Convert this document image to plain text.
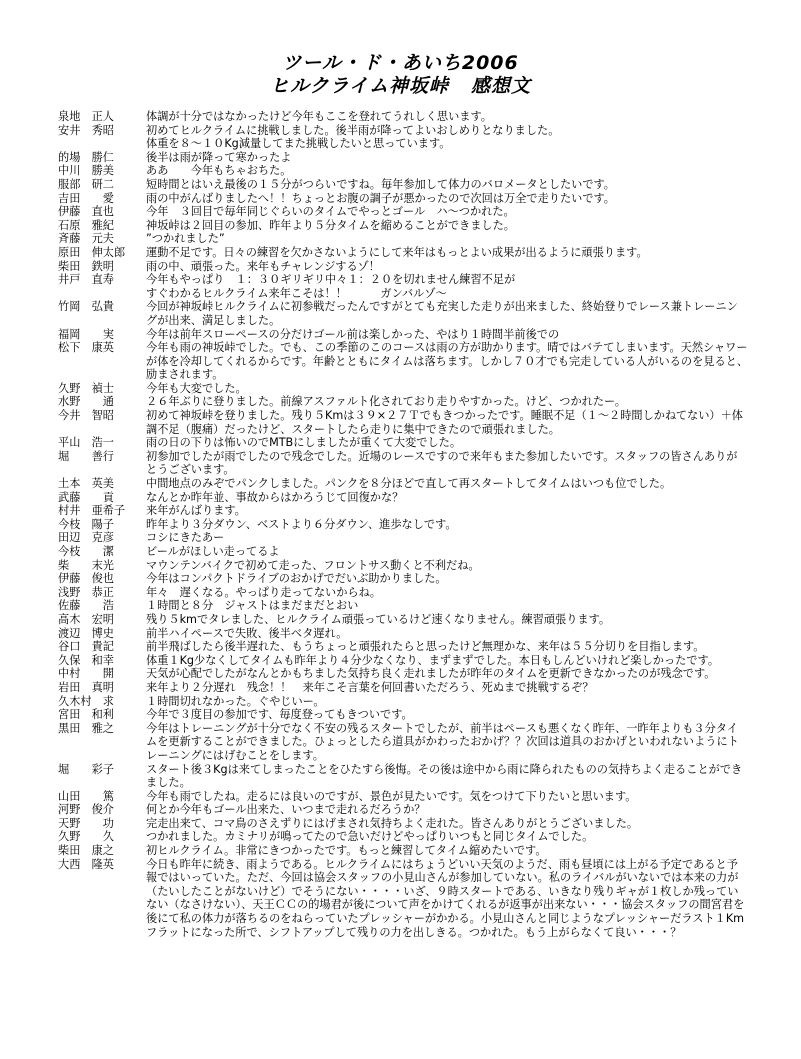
ツール・ド・あいち2006
ヒルクライム神坂峠 感想文
泉地　正人	体調が十分ではなかったけど今年もここを登れてうれしく思います。
安井　秀昭	初めてヒルクライムに挑戦しました。後半雨が降ってよいおしめりとなりました。
体重を８～１０Kg減量してまた挑戦したいと思っています。
的場　勝仁	後半は雨が降って寒かったよ
中川　勝美	ああ　　今年もちゃおちた。
服部　研二	短時間とはいえ最後の１５分がつらいですね。毎年参加して体力のバロメータとしたいです。
吉田　　愛	雨の中がんばりましたへ！！ちょっとお腹の調子が悪かったので次回は万全で走りたいです。
伊藤　直也	今年　３回目で毎年同じぐらいのタイムでやっとゴール　ハ～つかれた。
石原　雅紀	神坂峠は２回目の参加、昨年より５分タイムを縮めることができました。
斉藤　元夫	”つかれました”
原田　伸太郎	運動不足です。日々の練習を欠かさないようにして来年はもっとよい成果が出るように頑張ります。
柴田　鉄明	雨の中、頑張った。来年もチャレンジするゾ！
井戸　直寿	今年もやっぱり　１：３０ギリギリ中々１：２０を切れません練習不足が
すぐわかるヒルクライム来年こそは！！　　　ガンバルゾ～
竹岡　弘貴	今回が神坂峠ヒルクライムに初参戦だったんですがとても充実した走りが出来ました、終始登りでレース兼トレーニングが出来、満足しました。
福岡　　実	今年は前年スローペースの分だけゴール前は楽しかった、やはり１時間半前後での
松下　康英	今年も雨の神坂峠でした。でも、この季節のこのコースは雨の方が助かります。晴ではバテてしまいます。天然シャワーが体を冷却してくれるからです。年齢とともにタイムは落ちます。しかし７０才でも完走している人がいるのを見ると、励まされます。
久野　禎士	今年も大変でした。
水野　　通	２６年ぶりに登りました。前線アスファルト化されており走りやすかった。けど、つかれたー。
今井　智昭	初めて神坂峠を登りました。残り５Kmは３９×２７Ｔでもきつかったです。睡眠不足（１～２時間しかねてない）＋体調不足（腹痛）だったけど、スタートしたら走りに集中できたので頑張れました。
平山　浩一	雨の日の下りは怖いのでMTBにしましたが重くて大変でした。
堀　　善行	初参加でしたが雨でしたので残念でした。近場のレースですので来年もまた参加したいです。スタッフの皆さんありがとうございます。
土本　英美	中間地点のみぞでパンクしました。パンクを８分ほどで直して再スタートしてタイムはいつも位でした。
武藤　　貢	なんとか昨年並、事故からはかろうじて回復かな？
村井　亜希子	来年がんばります。
今枝　陽子	昨年より３分ダウン、ベストより６分ダウン、進歩なしです。
田辺　克彦	コシにきたあー
今枝　　潔	ビールがほしい走ってるよ
柴　　末光	マウンテンバイクで初めて走った、フロントサス動くと不利だね。
伊藤　俊也	今年はコンパクトドライブのおかげでだいぶ助かりました。
浅野　恭正	年々　遅くなる。やっぱり走ってないからね。
佐藤　　浩	１時間と８分　ジャストはまだまだとおい
高木　宏明	残り５kmでタレました、ヒルクライム頑張っているけど速くなりません。練習頑張ります。
渡辺　博史	前半ハイペースで失敗、後半ベタ遅れ。
谷口　貴記	前半飛ばしたら後半遅れた、もうちょっと頑張れたらと思ったけど無理かな、来年は５５分切りを目指します。
久保　和幸	体重１Kg少なくしてタイムも昨年より４分少なくなり、まずまずでした。本日もしんどいけれど楽しかったです。
中村　　開	天気が心配でしたがなんとかもちました気持ち良く走れましたが昨年のタイムを更新できなかったのが残念です。
岩田　真明	来年より２分遅れ　残念！！　来年こそ言葉を何回書いただろう、死ぬまで挑戦するぞ？
久木村　求	１時間切れなかった。ぐやじいー。
宮田　和利	今年で３度目の参加です、毎度登ってもきついです。
黒田　雅之	今年はトレーニングが十分でなく不安の残るスタートでしたが、前半はペースも悪くなく昨年、一昨年よりも３分タイムを更新することができました。ひょっとしたら道具がかわったおかげ？？次回は道具のおかげといわれないようにトレーニングにはげむことをします。
堀　　彩子	スタート後３Kgは来てしまったことをひたすら後悔。その後は途中から雨に降られたものの気持ちよく走ることができました。
山田　　篤	今年も雨でしたね。走るには良いのですが、景色が見たいです。気をつけて下りたいと思います。
河野　俊介	何とか今年もゴール出来た、いつまで走れるだろうか？
天野　　功	完走出来て、コマ鳥のさえずりにはげまされ気持ちよく走れた。皆さんありがとうございました。
久野　　久	つかれました。カミナリが鳴ってたので急いだけどやっぱりいつもと同じタイムでした。
柴田　康之	初ヒルクライム。非常にきつかったです。もっと練習してタイム縮めたいです。
大西　隆英	今日も昨年に続き、雨ようである。ヒルクライムにはちょうどいい天気のようだ、雨も昼頃には上がる予定であると予報ではいっていた。ただ、今回は協会スタッフの小見山さんが参加していない。私のライバルがいないでは本来の力が（たいしたことがないけど）でそうにない・・・・いざ、９時スタートである、いきなり残りギャが１枚しか残っていない（なさけない）、天王ＣＣの的場君が後について声をかけてくれるが返事が出来ない・・・協会スタッフの間宮君を後にて私の体力が落ちるのをねらっていたプレッシャーがかかる。小見山さんと同じようなプレッシャーだラスト１Kmフラットになった所で、シフトアップして残りの力を出しきる。つかれた。もう上がらなくて良い・・・？
